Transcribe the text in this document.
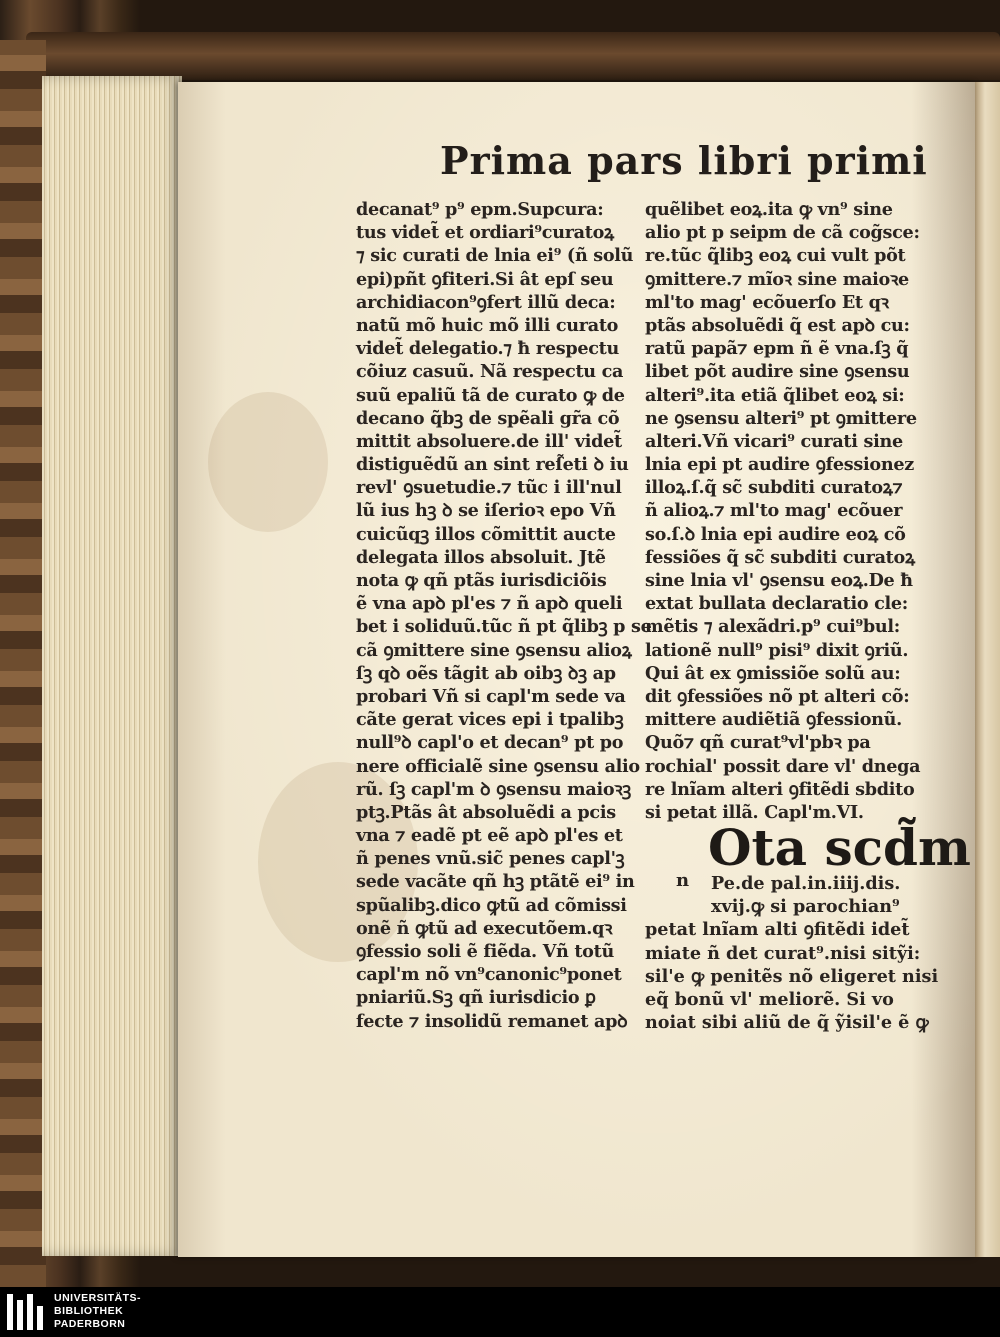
Prima pars libri primi
decanat⁹ p⁹ epm.Supcura:
tus videt̃ et ordiari⁹curatoꝝ
⁊ sic curati de lnia ei⁹ (ñ solũ
epi)pñt ꝯfiteri.Si ât epſ seu
archidiacon⁹ꝯfert illũ deca:
natũ mõ huic mõ illi curato
videt̃ delegatio.⁊ ħ respectu
cõiuz casuũ. Nã respectu ca
suũ epaliũ tã de curato ꝙ de
decano q̃bꝫ de spẽali gr̃a cõ
mittit absoluere.de ill' videt̃
distiguẽdũ an sint reſ̃eti ꝺ iu
revl' ꝯsuetudie.⁊ tũc i ill'nul
lũ ius hꝫ ꝺ se iſerioꝛ epo Vñ
cuicũqꝫ illos cõmittit aucte
delegata illos absoluit. Jtẽ
nota ꝙ qñ ptãs iurisdiciõis
ẽ vna apꝺ pl'es ⁊ ñ apꝺ queli
bet i soliduũ.tũc ñ pt q̃libꝫ p se
cã ꝯmittere sine ꝯsensu alioꝝ
ſꝫ qꝺ oẽs tãgit ab oibꝫ ꝺꝫ ap
probari Vñ si capl'm sede va
cãte gerat vices epi i tpalibꝫ
null⁹ꝺ capl'o et decan⁹ pt po
nere officialẽ sine ꝯsensu alio
rũ. ſꝫ capl'm ꝺ ꝯsensu maioꝛꝫ
ptꝫ.Ptãs ât absoluẽdi a pcis
vna ⁊ eadẽ pt eẽ apꝺ pl'es et
ñ penes vnũ.sic̃ penes capl'ꝫ
sede vacãte qñ hꝫ ptãtẽ ei⁹ in
spũalibꝫ.dico ꝙtũ ad cõmissi
onẽ ñ ꝙtũ ad executõem.qꝛ
ꝯfessio soli ẽ fiẽda. Vñ totũ
capl'm nõ vn⁹canonic⁹ponet
pniariũ.Sꝫ qñ iurisdicio ꝑ
fecte ⁊ insolidũ remanet apꝺ
quẽlibet eoꝝ.ita ꝙ vn⁹ sine
alio pt p seipm de cã cog̃sce:
re.tũc q̃libꝫ eoꝝ cui vult põt
ꝯmittere.⁊ mĩoꝛ sine maioꝛe
ml'to mag' ecõuerſo Et qꝛ
ptãs absoluẽdi q̃ est apꝺ cu:
ratũ papã⁊ epm ñ ẽ vna.ſꝫ q̃
libet põt audire sine ꝯsensu
alteri⁹.ita etiã q̃libet eoꝝ si:
ne ꝯsensu alteri⁹ pt ꝯmittere
alteri.Vñ vicari⁹ curati sine
lnia epi pt audire ꝯfessionez
illoꝝ.ſ.q̃ sc̃ subditi curatoꝝ⁊
ñ alioꝝ.⁊ ml'to mag' ecõuer
so.ſ.ꝺ lnia epi audire eoꝝ cõ
fessiões q̃ sc̃ subditi curatoꝝ
sine lnia vl' ꝯsensu eoꝝ.De ħ
extat bullata declaratio cle:
mẽtis ⁊ alexãdri.p⁹ cui⁹bul:
lationẽ null⁹ pisi⁹ dixit ꝯriũ.
Qui ât ex ꝯmissiõe solũ au:
dit ꝯfessiões nõ pt alteri cõ:
mittere audiẽtiã ꝯfessionũ.
Quõ⁊ qñ curat⁹vl'pbꝛ pa
rochial' possit dare vl' dnega
re lnĩam alteri ꝯfitẽdi sbdito
si petat illã. Capl'm.VI.
Ota scd̃m
n	Pe.de pal.in.iiij.dis.
xvij.ꝙ si parochian⁹
petat lnĩam alti ꝯfitẽdi idet̃
miate ñ det curat⁹.nisi sitỹi:
sil'e ꝙ penitẽs nõ eligeret nisi
eq̃ bonũ vl' meliorẽ. Si vo
noiat sibi aliũ de q̃ ỹisil'e ẽ ꝙ
UNIVERSITÄTS-
BIBLIOTHEK
PADERBORN
